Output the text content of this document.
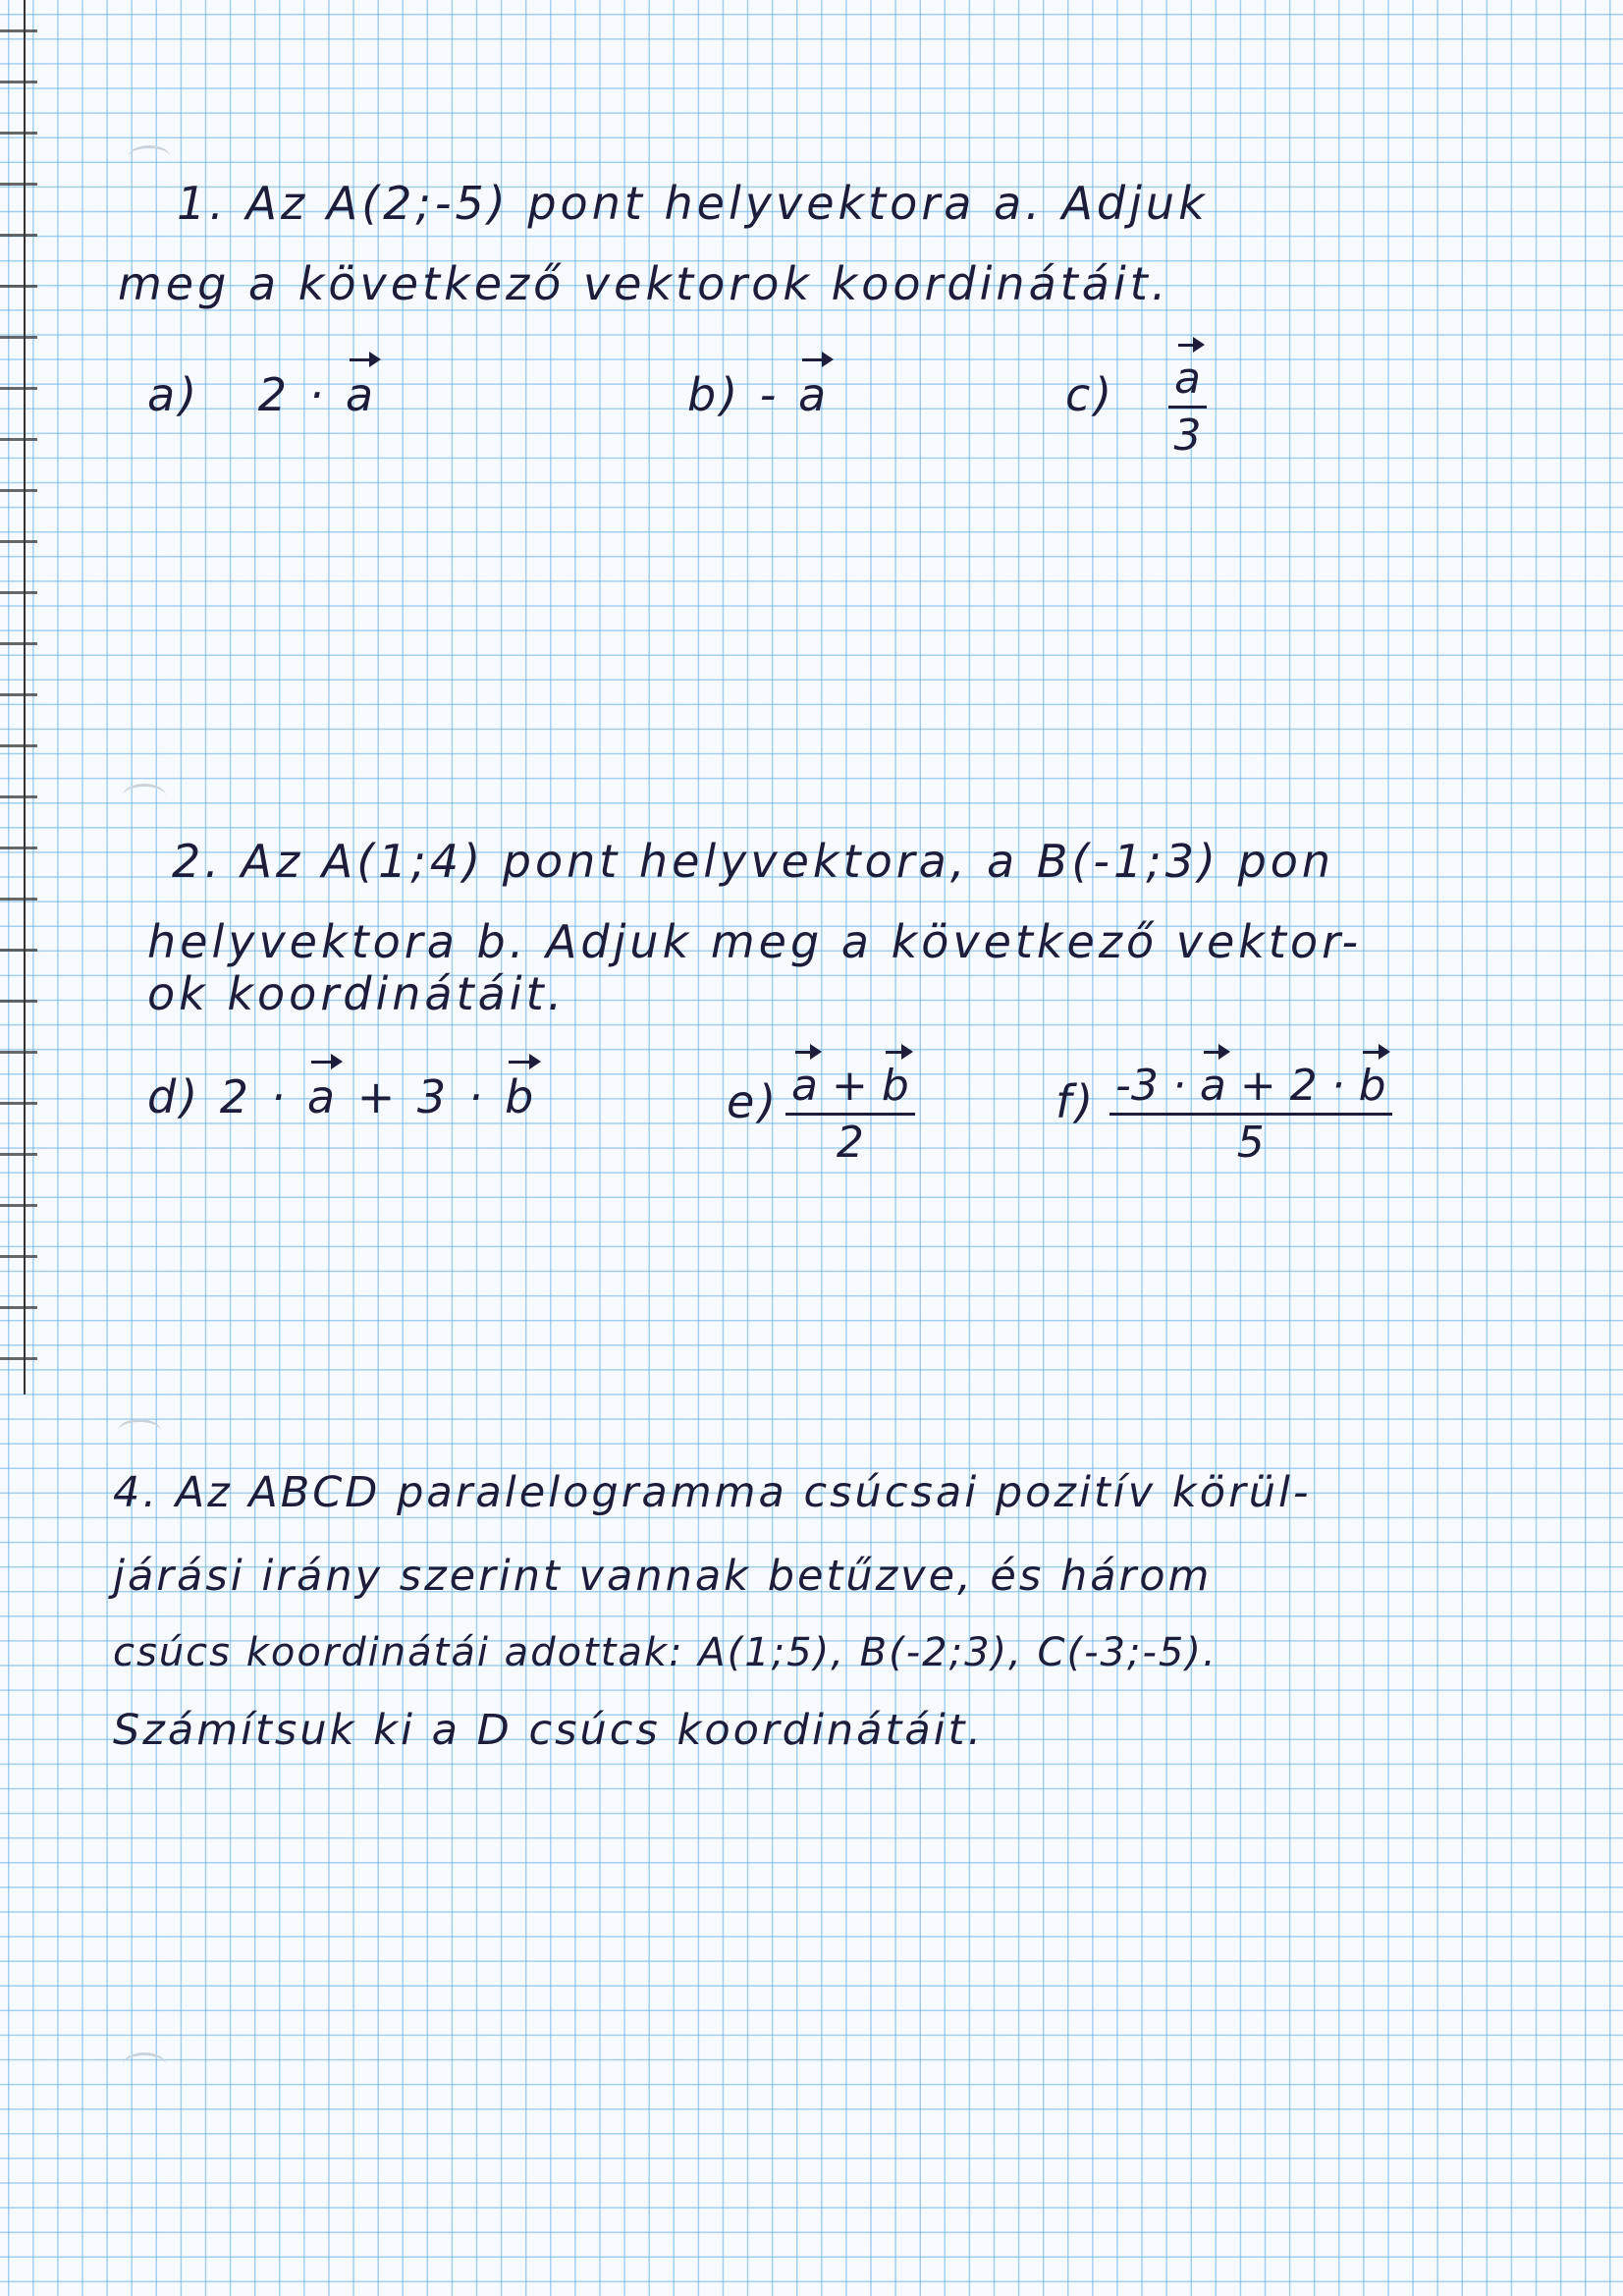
1. Az A(2;-5) pont helyvektora a. Adjuk

meg a következő vektorok koordinátáit.

a) 2 · a	b) - a	$c) \frac{a}{3}$

2. Az A(1;4) pont helyvektora, a B(-1;3) pon

helyvektora b. Adjuk meg a következő vektor-

ok koordinátáit.

d) 2 · a + 3 · b	$e) \frac{a + b}{2}$	$f) \frac{-3 \cdot a + 2 \cdot b}{5}$

4. Az ABCD paralelogramma csúcsai pozitív körül-

járási irány szerint vannak betűzve, és három

csúcs koordinátái adottak: A(1;5), B(-2;3), C(-3;-5).

Számítsuk ki a D csúcs koordinátáit.
